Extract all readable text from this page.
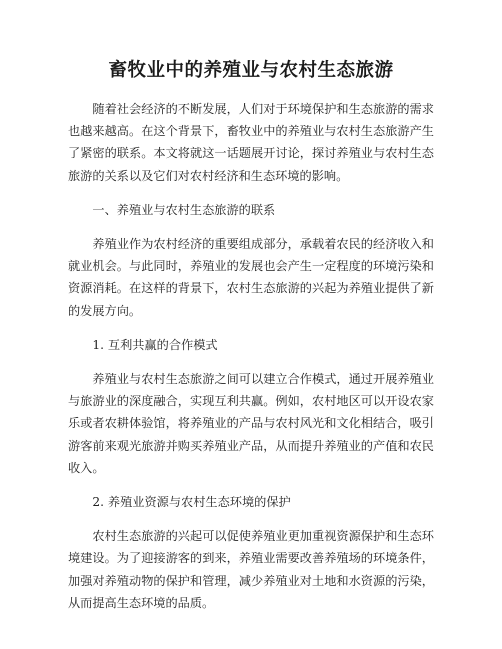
畜牧业中的养殖业与农村生态旅游

随着社会经济的不断发展，人们对于环境保护和生态旅游的需求也越来越高。在这个背景下，畜牧业中的养殖业与农村生态旅游产生了紧密的联系。本文将就这一话题展开讨论，探讨养殖业与农村生态旅游的关系以及它们对农村经济和生态环境的影响。

一、养殖业与农村生态旅游的联系

养殖业作为农村经济的重要组成部分，承载着农民的经济收入和就业机会。与此同时，养殖业的发展也会产生一定程度的环境污染和资源消耗。在这样的背景下，农村生态旅游的兴起为养殖业提供了新的发展方向。

1. 互利共赢的合作模式

养殖业与农村生态旅游之间可以建立合作模式，通过开展养殖业与旅游业的深度融合，实现互利共赢。例如，农村地区可以开设农家乐或者农耕体验馆，将养殖业的产品与农村风光和文化相结合，吸引游客前来观光旅游并购买养殖业产品，从而提升养殖业的产值和农民收入。

2. 养殖业资源与农村生态环境的保护

农村生态旅游的兴起可以促使养殖业更加重视资源保护和生态环境建设。为了迎接游客的到来，养殖业需要改善养殖场的环境条件，加强对养殖动物的保护和管理，减少养殖业对土地和水资源的污染，从而提高生态环境的品质。
